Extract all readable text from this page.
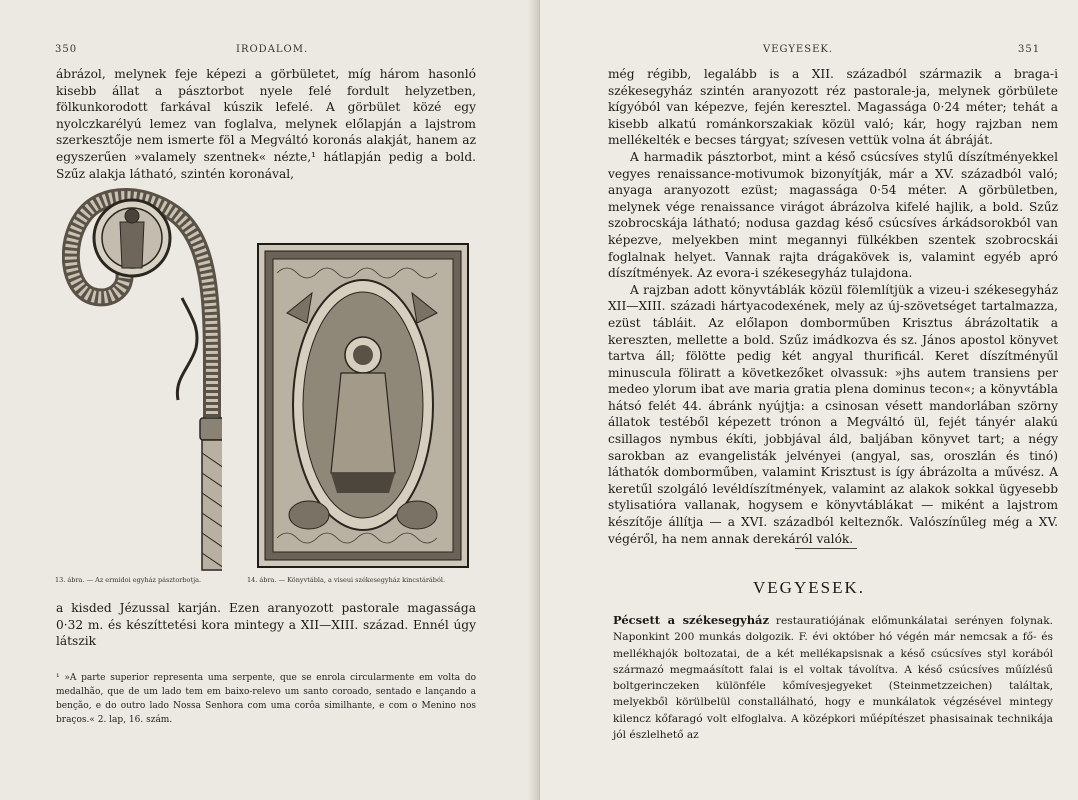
350	IRODALOM.

ábrázol, melynek feje képezi a görbületet, míg három hasonló kisebb állat a pásztorbot nyele felé fordult helyzetben, fölkunkorodott farkával kúszik lefelé. A görbület közé egy nyolczkarélyú lemez van foglalva, melynek előlapján a lajstrom szerkesztője nem ismerte föl a Megváltó koronás alakját, hanem az egyszerűen »valamely szentnek« nézte,¹ hátlapján pedig a bold. Szűz alakja látható, szintén koronával,

13. ábra. — Az ermidoi egyház pásztorbotja.	14. ábra. — Könyvtábla, a viseui székesegyház kincstárából.

a kisded Jézussal karján. Ezen aranyozott pastorale magassága 0·32 m. és készíttetési kora mintegy a XII—XIII. század. Ennél úgy látszik

¹ »A parte superior representa uma serpente, que se enrola circularmente em volta do medalhão, que de um lado tem em baixo-relevo um santo coroado, sentado e lançando a benção, e do outro lado Nossa Senhora com uma corôa similhante, e com o Menino nos braços.« 2. lap, 16. szám.

VEGYESEK.	351

még régibb, legalább is a XII. századból származik a braga-i székesegyház szintén aranyozott réz pastorale-ja, melynek görbülete kígyóból van képezve, fején keresztel. Magassága 0·24 méter; tehát a kisebb alkatú románkorszakiak közül való; kár, hogy rajzban nem mellékelték e becses tárgyat; szívesen vettük volna át ábráját.

A harmadik pásztorbot, mint a késő csúcsíves stylű díszítményekkel vegyes renaissance-motivumok bizonyítják, már a XV. századból való; anyaga aranyozott ezüst; magassága 0·54 méter. A görbületben, melynek vége renaissance virágot ábrázolva kifelé hajlik, a bold. Szűz szobrocskája látható; nodusa gazdag késő csúcsíves árkádsorokból van képezve, melyekben mint megannyi fülkékben szentek szobrocskái foglalnak helyet. Vannak rajta drágakövek is, valamint egyéb apró díszítmények. Az evora-i székesegyház tulajdona.

A rajzban adott könyvtáblák közül fölemlítjük a vizeu-i székesegyház XII—XIII. századi hártyacodexének, mely az új-szövetséget tartalmazza, ezüst tábláit. Az előlapon domborműben Krisztus ábrázoltatik a kereszten, mellette a bold. Szűz imádkozva és sz. János apostol könyvet tartva áll; fölötte pedig két angyal thurificál. Keret díszítményűl minuscula föliratt a következőket olvassuk: »jhs autem transiens per medeo ylorum ibat ave maria gratia plena dominus tecon«; a könyvtábla hátsó felét 44. ábránk nyújtja: a csinosan vésett mandorlában szörny állatok testéből képezett trónon a Megváltó ül, fejét tányér alakú csillagos nymbus ékíti, jobbjával áld, baljában könyvet tart; a négy sarokban az evangelisták jelvényei (angyal, sas, oroszlán és tinó) láthatók domborműben, valamint Krisztust is így ábrázolta a művész. A keretűl szolgáló levéldíszítmények, valamint az alakok sokkal ügyesebb stylisatióra vallanak, hogysem e könyvtáblákat — miként a lajstrom készítője állítja — a XVI. századból kelteznők. Valószínűleg még a XV. végéről, ha nem annak derekáról valók.

VEGYESEK.

Pécsett a székesegyház restauratiójának előmunkálatai serényen folynak. Naponkint 200 munkás dolgozik. F. évi október hó végén már nemcsak a fő- és mellékhajók boltozatai, de a két mellékapsisnak a késő csúcsíves styl korából származó megmaásított falai is el voltak távolítva. A késő csúcsíves műízlésű boltgerinczeken különféle kőmívesjegyeket (Steinmetzzeichen) találtak, melyekből körülbelül constallálható, hogy e munkálatok végzésével mintegy kilencz kőfaragó volt elfoglalva. A középkori műépítészet phasisainak technikája jól észlelhető az
